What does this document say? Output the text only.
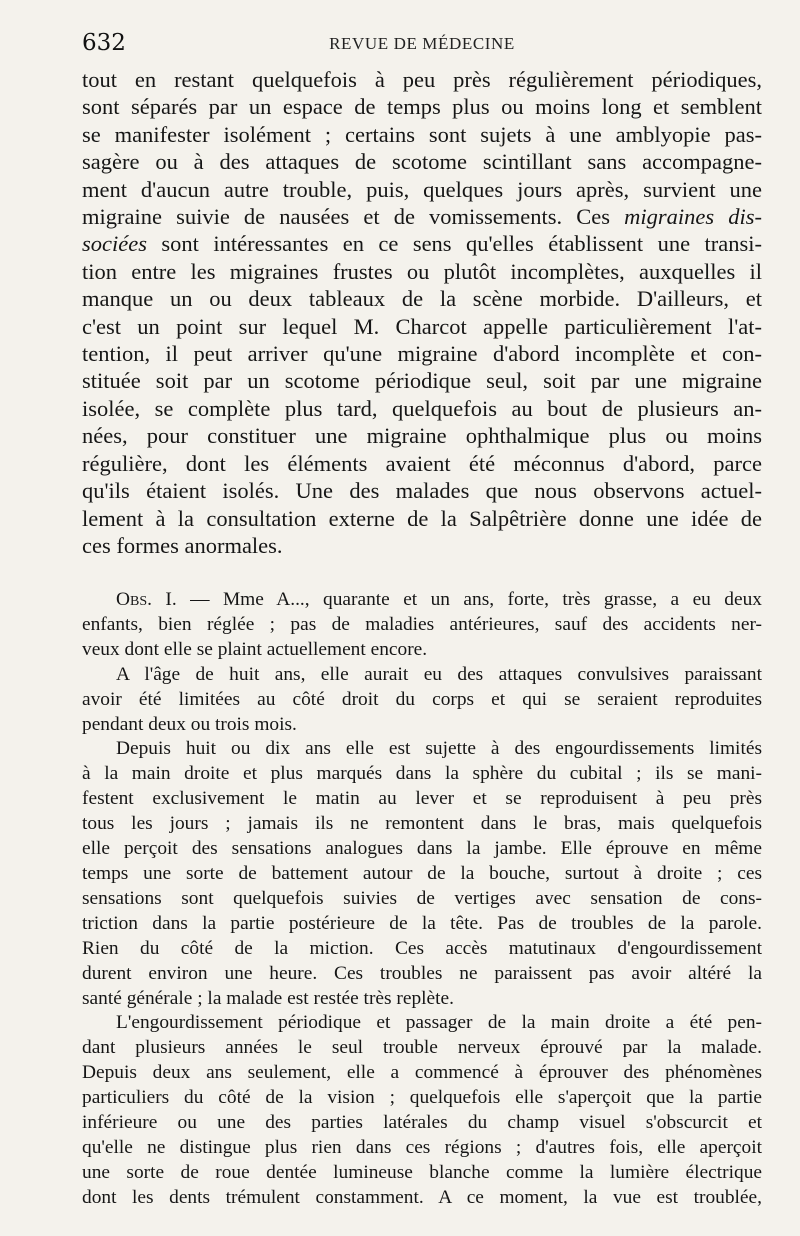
632	REVUE DE MÉDECINE
tout en restant quelquefois à peu près régulièrement périodiques,
sont séparés par un espace de temps plus ou moins long et semblent
se manifester isolément ; certains sont sujets à une amblyopie pas-
sagère ou à des attaques de scotome scintillant sans accompagne-
ment d'aucun autre trouble, puis, quelques jours après, survient une
migraine suivie de nausées et de vomissements. Ces migraines dis-
sociées sont intéressantes en ce sens qu'elles établissent une transi-
tion entre les migraines frustes ou plutôt incomplètes, auxquelles il
manque un ou deux tableaux de la scène morbide. D'ailleurs, et
c'est un point sur lequel M. Charcot appelle particulièrement l'at-
tention, il peut arriver qu'une migraine d'abord incomplète et con-
stituée soit par un scotome périodique seul, soit par une migraine
isolée, se complète plus tard, quelquefois au bout de plusieurs an-
nées, pour constituer une migraine ophthalmique plus ou moins
régulière, dont les éléments avaient été méconnus d'abord, parce
qu'ils étaient isolés. Une des malades que nous observons actuel-
lement à la consultation externe de la Salpêtrière donne une idée de
ces formes anormales.
Obs. I. — Mme A..., quarante et un ans, forte, très grasse, a eu deux
enfants, bien réglée ; pas de maladies antérieures, sauf des accidents ner-
veux dont elle se plaint actuellement encore.
A l'âge de huit ans, elle aurait eu des attaques convulsives paraissant
avoir été limitées au côté droit du corps et qui se seraient reproduites
pendant deux ou trois mois.
Depuis huit ou dix ans elle est sujette à des engourdissements limités
à la main droite et plus marqués dans la sphère du cubital ; ils se mani-
festent exclusivement le matin au lever et se reproduisent à peu près
tous les jours ; jamais ils ne remontent dans le bras, mais quelquefois
elle perçoit des sensations analogues dans la jambe. Elle éprouve en même
temps une sorte de battement autour de la bouche, surtout à droite ; ces
sensations sont quelquefois suivies de vertiges avec sensation de cons-
triction dans la partie postérieure de la tête. Pas de troubles de la parole.
Rien du côté de la miction. Ces accès matutinaux d'engourdissement
durent environ une heure. Ces troubles ne paraissent pas avoir altéré la
santé générale ; la malade est restée très replète.
L'engourdissement périodique et passager de la main droite a été pen-
dant plusieurs années le seul trouble nerveux éprouvé par la malade.
Depuis deux ans seulement, elle a commencé à éprouver des phénomènes
particuliers du côté de la vision ; quelquefois elle s'aperçoit que la partie
inférieure ou une des parties latérales du champ visuel s'obscurcit et
qu'elle ne distingue plus rien dans ces régions ; d'autres fois, elle aperçoit
une sorte de roue dentée lumineuse blanche comme la lumière électrique
dont les dents trémulent constamment. A ce moment, la vue est troublée,
